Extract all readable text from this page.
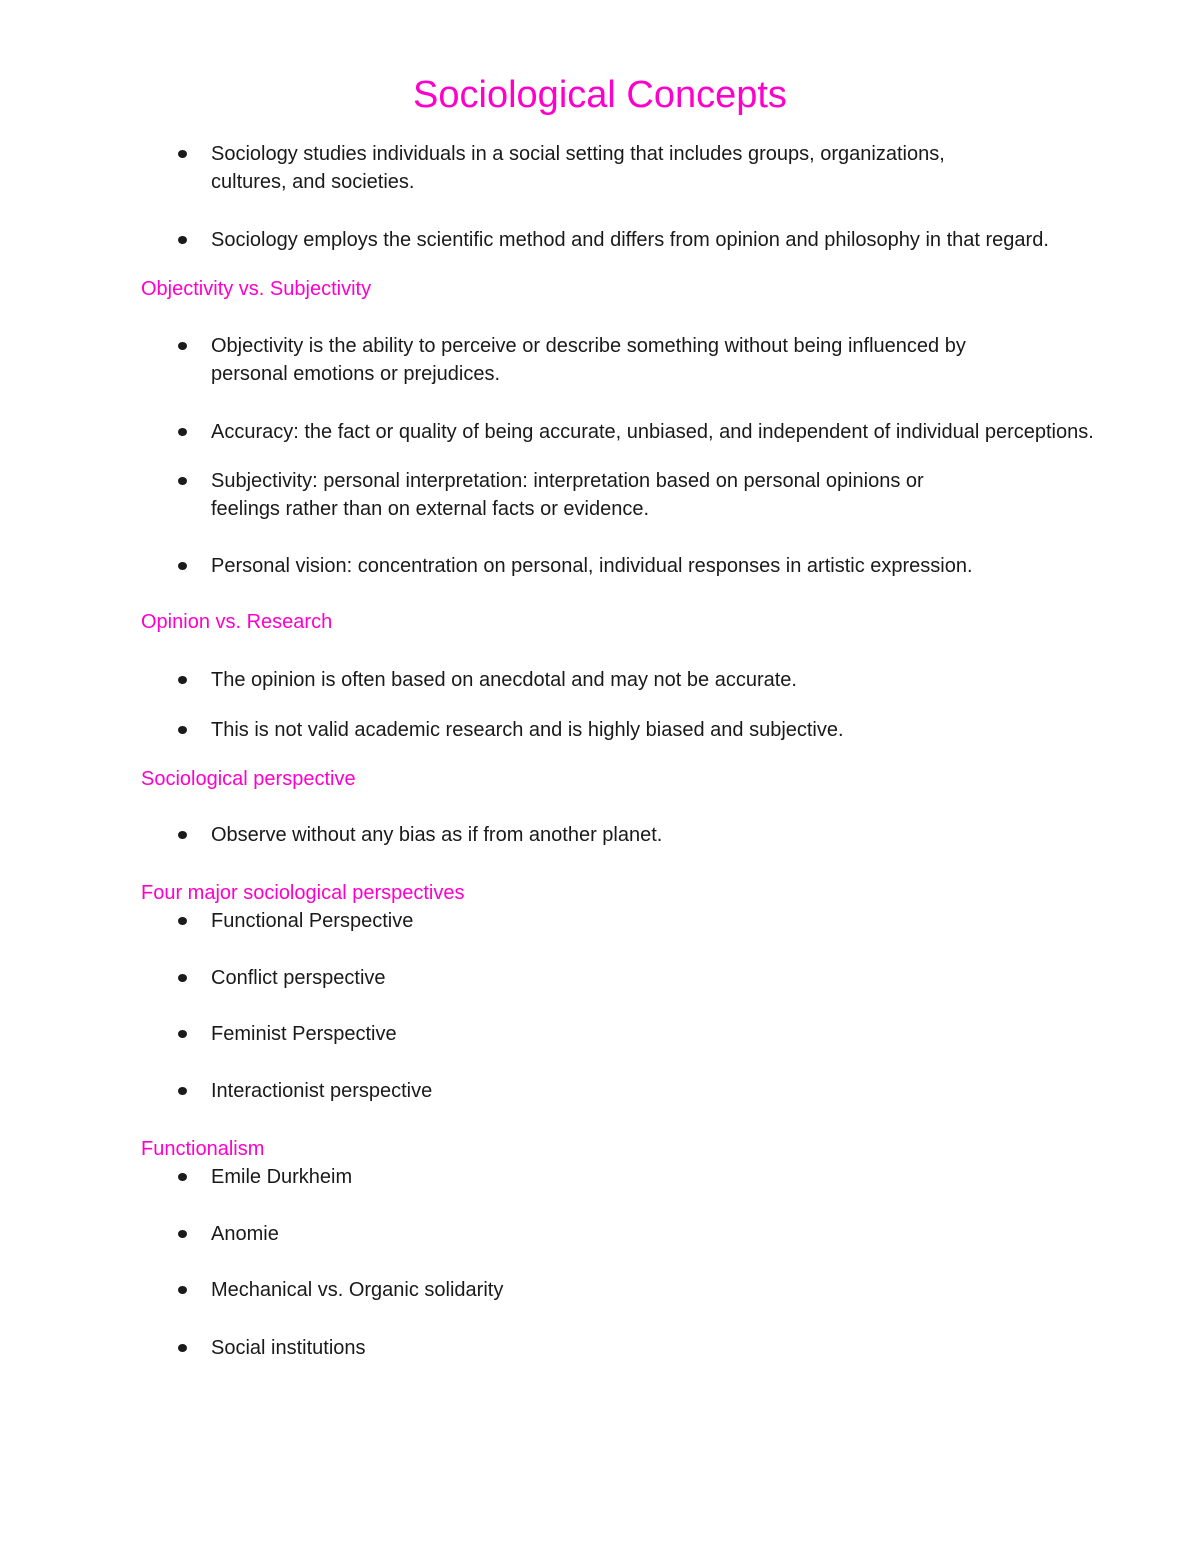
Sociological Concepts
Sociology studies individuals in a social setting that includes groups, organizations,
cultures, and societies.
Sociology employs the scientific method and differs from opinion and philosophy in that regard.
Objectivity vs. Subjectivity
Objectivity is the ability to perceive or describe something without being influenced by
personal emotions or prejudices.
Accuracy: the fact or quality of being accurate, unbiased, and independent of individual perceptions.
Subjectivity: personal interpretation: interpretation based on personal opinions or
feelings rather than on external facts or evidence.
Personal vision: concentration on personal, individual responses in artistic expression.
Opinion vs. Research
The opinion is often based on anecdotal and may not be accurate.
This is not valid academic research and is highly biased and subjective.
Sociological perspective
Observe without any bias as if from another planet.
Four major sociological perspectives
Functional Perspective
Conflict perspective
Feminist Perspective
Interactionist perspective
Functionalism
Emile Durkheim
Anomie
Mechanical vs. Organic solidarity
Social institutions
